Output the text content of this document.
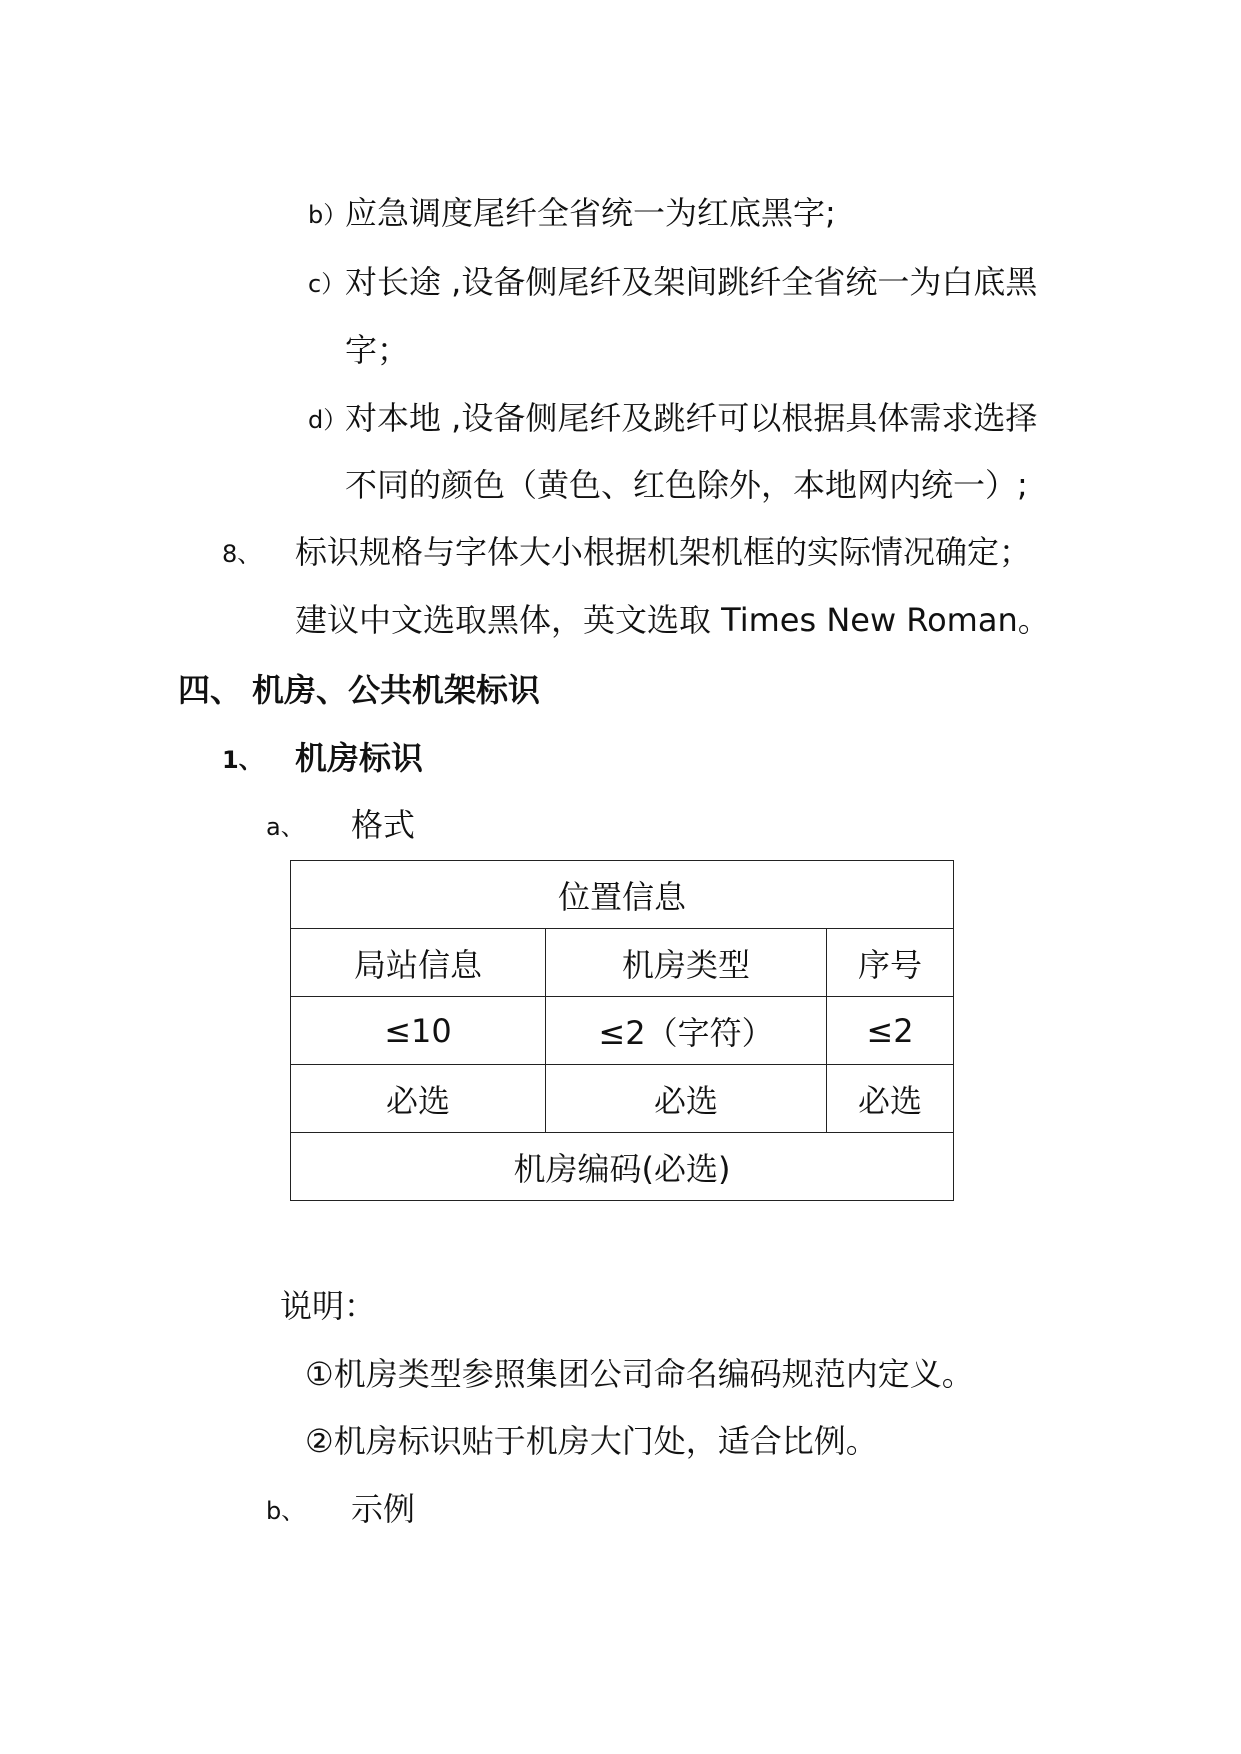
b）
应急调度尾纤全省统一为红底黑字;
c） 对长途 ,设备侧尾纤及架间跳纤全省统一为白底黑
字；
d）
对本地 ,设备侧尾纤及跳纤可以根据具体需求选择
不同的颜色（黄色、红色除外，本地网内统一）;
8、 标识规格与字体大小根据机架机框的实际情况确定；
建议中文选取黑体，英文选取 Times New Roman。
四、 机房、公共机架标识
1、 机房标识
a、 格式
位置信息		
局站信息	机房类型	序号
≤10	≤2（字符）	≤2
必选	必选	必选
机房编码(必选)		
说明：
①机房类型参照集团公司命名编码规范内定义。
②机房标识贴于机房大门处，适合比例。
b、 示例
